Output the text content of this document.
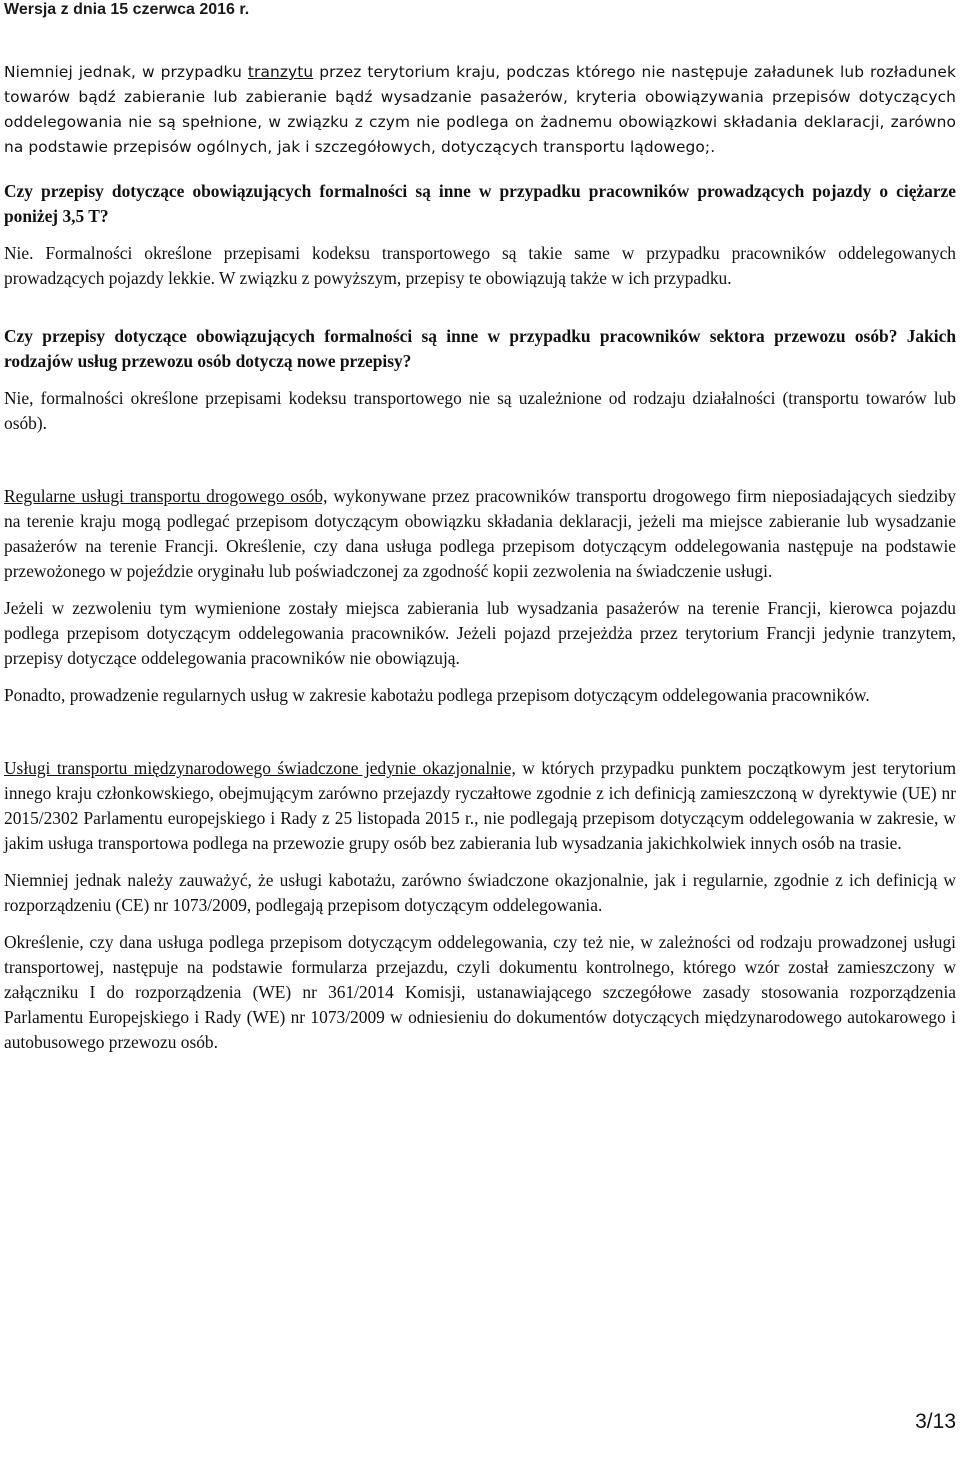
Wersja z dnia 15 czerwca 2016 r.

Niemniej jednak, w przypadku tranzytu przez terytorium kraju, podczas którego nie następuje załadunek lub rozładunek towarów bądź zabieranie lub zabieranie bądź wysadzanie pasażerów, kryteria obowiązywania przepisów dotyczących oddelegowania nie są spełnione, w związku z czym nie podlega on żadnemu obowiązkowi składania deklaracji, zarówno na podstawie przepisów ogólnych, jak i szczegółowych, dotyczących transportu lądowego;.

Czy przepisy dotyczące obowiązujących formalności są inne w przypadku pracowników prowadzących pojazdy o ciężarze poniżej 3,5 T?

Nie. Formalności określone przepisami kodeksu transportowego są takie same w przypadku pracowników oddelegowanych prowadzących pojazdy lekkie. W związku z powyższym, przepisy te obowiązują także w ich przypadku.

Czy przepisy dotyczące obowiązujących formalności są inne w przypadku pracowników sektora przewozu osób? Jakich rodzajów usług przewozu osób dotyczą nowe przepisy?

Nie, formalności określone przepisami kodeksu transportowego nie są uzależnione od rodzaju działalności (transportu towarów lub osób).

Regularne usługi transportu drogowego osób, wykonywane przez pracowników transportu drogowego firm nieposiadających siedziby na terenie kraju mogą podlegać przepisom dotyczącym obowiązku składania deklaracji, jeżeli ma miejsce zabieranie lub wysadzanie pasażerów na terenie Francji. Określenie, czy dana usługa podlega przepisom dotyczącym oddelegowania następuje na podstawie przewożonego w pojeździe oryginału lub poświadczonej za zgodność kopii zezwolenia na świadczenie usługi.

Jeżeli w zezwoleniu tym wymienione zostały miejsca zabierania lub wysadzania pasażerów na terenie Francji, kierowca pojazdu podlega przepisom dotyczącym oddelegowania pracowników. Jeżeli pojazd przejeżdża przez terytorium Francji jedynie tranzytem, przepisy dotyczące oddelegowania pracowników nie obowiązują.

Ponadto, prowadzenie regularnych usług w zakresie kabotażu podlega przepisom dotyczącym oddelegowania pracowników.

Usługi transportu międzynarodowego świadczone jedynie okazjonalnie, w których przypadku punktem początkowym jest terytorium innego kraju członkowskiego, obejmującym zarówno przejazdy ryczałtowe zgodnie z ich definicją zamieszczoną w dyrektywie (UE) nr 2015/2302 Parlamentu europejskiego i Rady z 25 listopada 2015 r., nie podlegają przepisom dotyczącym oddelegowania w zakresie, w jakim usługa transportowa podlega na przewozie grupy osób bez zabierania lub wysadzania jakichkolwiek innych osób na trasie.

Niemniej jednak należy zauważyć, że usługi kabotażu, zarówno świadczone okazjonalnie, jak i regularnie, zgodnie z ich definicją w rozporządzeniu (CE) nr 1073/2009, podlegają przepisom dotyczącym oddelegowania.

Określenie, czy dana usługa podlega przepisom dotyczącym oddelegowania, czy też nie, w zależności od rodzaju prowadzonej usługi transportowej, następuje na podstawie formularza przejazdu, czyli dokumentu kontrolnego, którego wzór został zamieszczony w załączniku I do rozporządzenia (WE) nr 361/2014 Komisji, ustanawiającego szczegółowe zasady stosowania rozporządzenia Parlamentu Europejskiego i Rady (WE) nr 1073/2009 w odniesieniu do dokumentów dotyczących międzynarodowego autokarowego i autobusowego przewozu osób.

3/13
